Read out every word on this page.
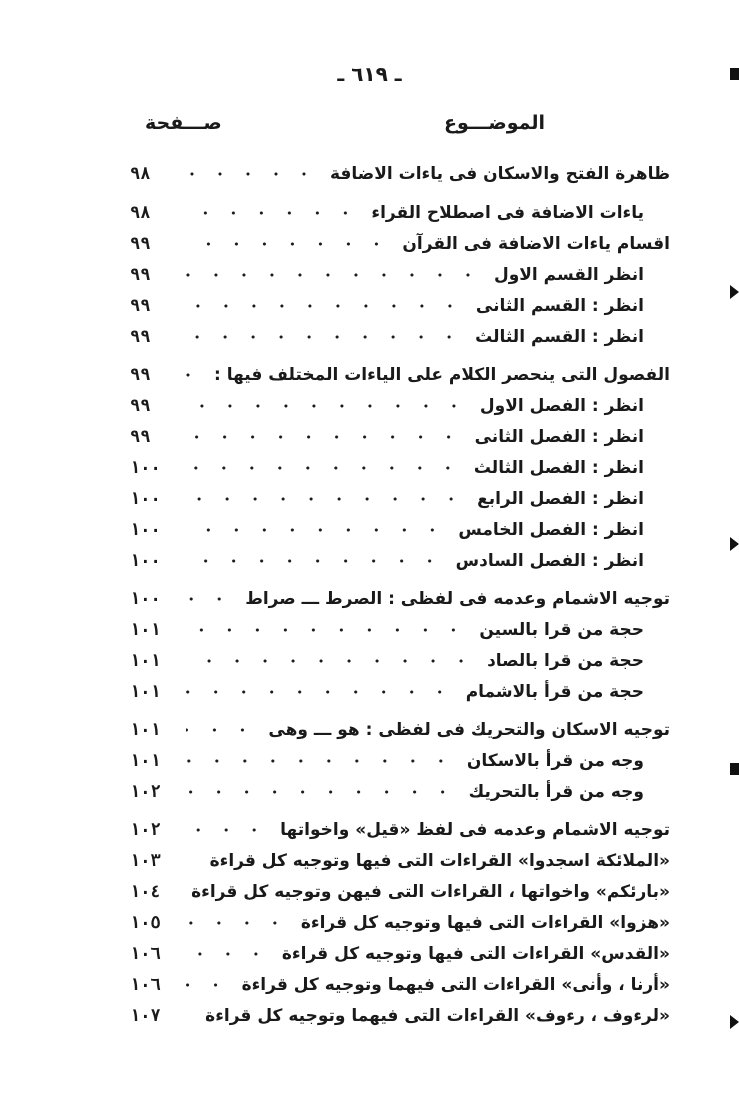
ـ ٦١٩ ـ
الموضـــوع
صـــفحة
ظاهرة الفتح والاسكان فى ياءات الاضافة
٩٨
ياءات الاضافة فى اصطلاح القراء
٩٨
اقسام ياءات الاضافة فى القرآن
٩٩
انظر القسم الاول
٩٩
انظر : القسم الثانى
٩٩
انظر : القسم الثالث
٩٩
الفصول التى ينحصر الكلام على الياءات المختلف فيها :
٩٩
انظر : الفصل الاول
٩٩
انظر : الفصل الثانى
٩٩
انظر : الفصل الثالث
١٠٠
انظر : الفصل الرابع
١٠٠
انظر : الفصل الخامس
١٠٠
انظر : الفصل السادس
١٠٠
توجيه الاشمام وعدمه فى لفظى : الصرط ـــ صراط
١٠٠
حجة من قرا بالسين
١٠١
حجة من قرا بالصاد
١٠١
حجة من قرأ بالاشمام
١٠١
توجيه الاسكان والتحريك فى لفظى : هو ـــ وهى
١٠١
وجه من قرأ بالاسكان
١٠١
وجه من قرأ بالتحريك
١٠٢
توجيه الاشمام وعدمه فى لفظ «قيل» واخواتها
١٠٢
«الملائكة اسجدوا» القراءات التى فيها وتوجيه كل قراءة
١٠٣
«بارئكم» واخواتها ، القراءات التى فيهن وتوجيه كل قراءة
١٠٤
«هزوا» القراءات التى فيها وتوجيه كل قراءة
١٠٥
«القدس» القراءات التى فيها وتوجيه كل قراءة
١٠٦
«أرنا ، وأنى» القراءات التى فيهما وتوجيه كل قراءة
١٠٦
«لرءوف ، رءوف» القراءات التى فيهما وتوجيه كل قراءة
١٠٧
